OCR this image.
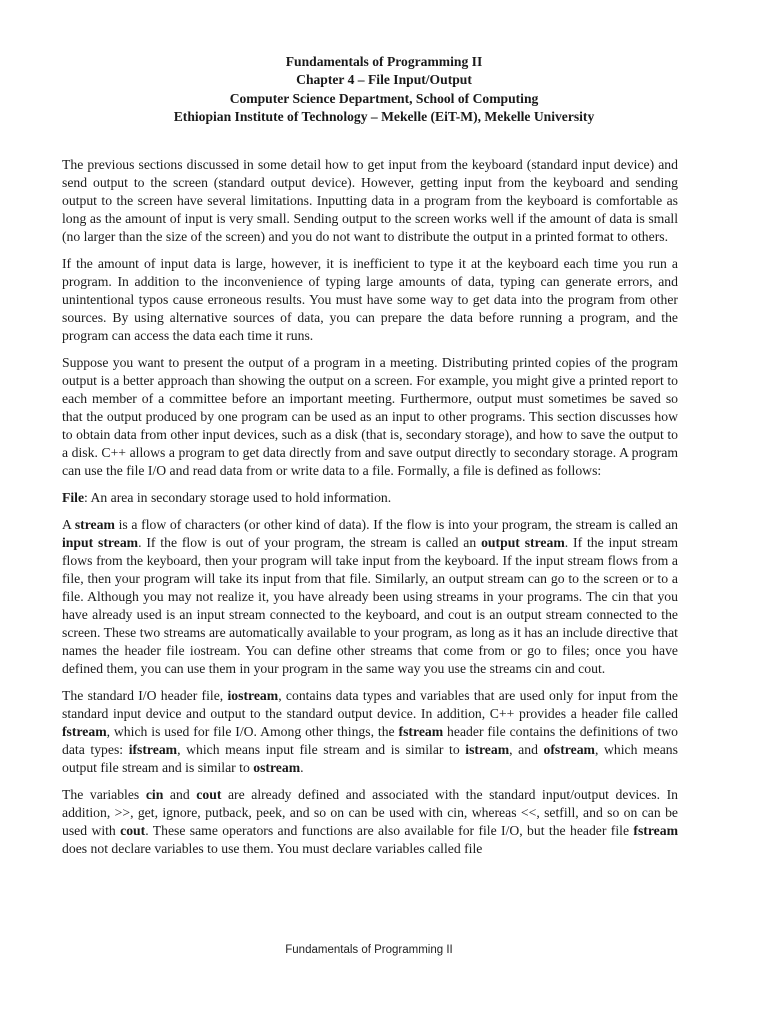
Fundamentals of Programming II
Chapter 4 – File Input/Output
Computer Science Department, School of Computing
Ethiopian Institute of Technology – Mekelle (EiT-M), Mekelle University

The previous sections discussed in some detail how to get input from the keyboard (standard input device) and send output to the screen (standard output device). However, getting input from the keyboard and sending output to the screen have several limitations. Inputting data in a program from the keyboard is comfortable as long as the amount of input is very small. Sending output to the screen works well if the amount of data is small (no larger than the size of the screen) and you do not want to distribute the output in a printed format to others.

If the amount of input data is large, however, it is inefficient to type it at the keyboard each time you run a program. In addition to the inconvenience of typing large amounts of data, typing can generate errors, and unintentional typos cause erroneous results. You must have some way to get data into the program from other sources. By using alternative sources of data, you can prepare the data before running a program, and the program can access the data each time it runs.

Suppose you want to present the output of a program in a meeting. Distributing printed copies of the program output is a better approach than showing the output on a screen. For example, you might give a printed report to each member of a committee before an important meeting. Furthermore, output must sometimes be saved so that the output produced by one program can be used as an input to other programs. This section discusses how to obtain data from other input devices, such as a disk (that is, secondary storage), and how to save the output to a disk. C++ allows a program to get data directly from and save output directly to secondary storage. A program can use the file I/O and read data from or write data to a file. Formally, a file is defined as follows:

File: An area in secondary storage used to hold information.

A stream is a flow of characters (or other kind of data). If the flow is into your program, the stream is called an input stream. If the flow is out of your program, the stream is called an output stream. If the input stream flows from the keyboard, then your program will take input from the keyboard. If the input stream flows from a file, then your program will take its input from that file. Similarly, an output stream can go to the screen or to a file. Although you may not realize it, you have already been using streams in your programs. The cin that you have already used is an input stream connected to the keyboard, and cout is an output stream connected to the screen. These two streams are automatically available to your program, as long as it has an include directive that names the header file iostream. You can define other streams that come from or go to files; once you have defined them, you can use them in your program in the same way you use the streams cin and cout.

The standard I/O header file, iostream, contains data types and variables that are used only for input from the standard input device and output to the standard output device. In addition, C++ provides a header file called fstream, which is used for file I/O. Among other things, the fstream header file contains the definitions of two data types: ifstream, which means input file stream and is similar to istream, and ofstream, which means output file stream and is similar to ostream.

The variables cin and cout are already defined and associated with the standard input/output devices. In addition, >>, get, ignore, putback, peek, and so on can be used with cin, whereas <<, setfill, and so on can be used with cout. These same operators and functions are also available for file I/O, but the header file fstream does not declare variables to use them. You must declare variables called file

Fundamentals of Programming II
